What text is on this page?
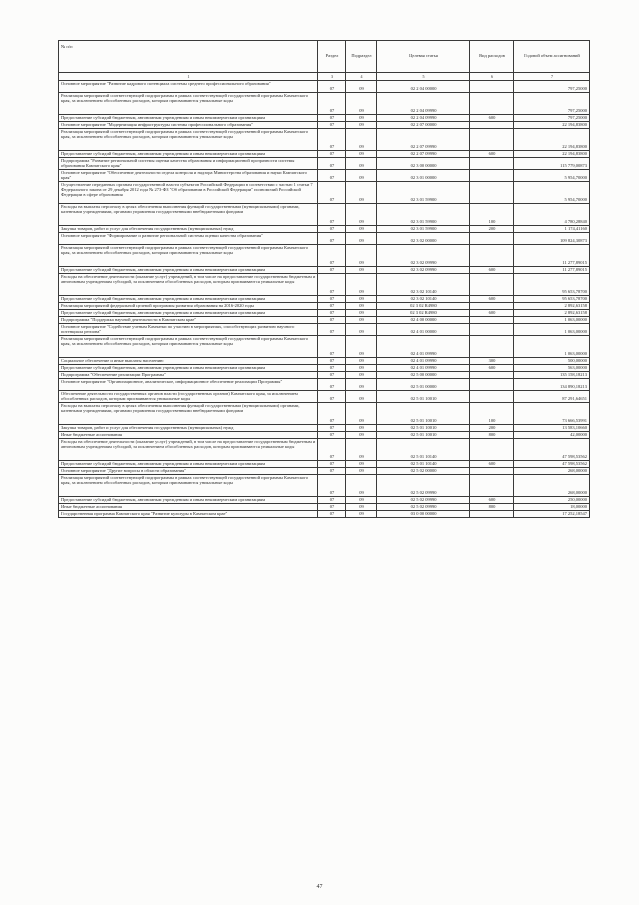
№ п/п	Раздел	Подраздел	Целевая статья	Вид расходов	Годовой объем ассигнований
1	3	4	5	6	7
Основное мероприятие "Развитие кадрового потенциала системы среднего профессионального образования"	07	09	02 2 04 00000		797,25000
Реализация мероприятий соответствующей подпрограммы в рамках соответствующей государственной программы Камчатского края, за исключением обособленных расходов, которым присваиваются уникальные коды	07	09	02 2 04 09990		797,25000
Предоставление субсидий бюджетным, автономным учреждениям и иным некоммерческим организациям	07	09	02 2 04 09990	600	797,25000
Основное мероприятие "Модернизация инфраструктуры системы профессионального образования"	07	09	02 2 07 00000		22 194,83800
Реализация мероприятий соответствующей подпрограммы в рамках соответствующей государственной программы Камчатского края, за исключением обособленных расходов, которым присваиваются уникальные коды	07	09	02 2 07 09990		22 194,83800
Предоставление субсидий бюджетным, автономным учреждениям и иным некоммерческим организациям	07	09	02 2 07 09990	600	22 194,83800
Подпрограмма "Развитие региональной системы оценки качества образования и информационной прозрачности системы образования Камчатского края"	07	09	02 3 00 00000		115 779,00873
Основное мероприятие "Обеспечение деятельности отдела контроля и надзора Министерства образования и науки Камчатского края"	07	09	02 3 01 00000		5 954,70000
Осуществление переданных органам государственной власти субъектов Российской Федерации в соответствии с частью 1 статьи 7 Федерального закона от 29 декабря 2012 года № 273-ФЗ "Об образовании в Российской Федерации" полномочий Российской Федерации в сфере образования	07	09	02 3 01 59900		5 954,70000
Расходы на выплаты персоналу в целях обеспечения выполнения функций государственными (муниципальными) органами, казенными учреждениями, органами управления государственными внебюджетными фондами	07	09	02 3 01 59900	100	4 780,28840
Закупка товаров, работ и услуг для обеспечения государственных (муниципальных) нужд	07	09	02 3 01 59900	200	1 174,41160
Основное мероприятие "Формирование и развитие региональной системы оценки качества образования"	07	09	02 3 02 00000		109 824,30873
Реализация мероприятий соответствующей подпрограммы в рамках соответствующей государственной программы Камчатского края, за исключением обособленных расходов, которым присваиваются уникальные коды	07	09	02 3 02 09990		11 277,89015
Предоставление субсидий бюджетным, автономным учреждениям и иным некоммерческим организациям	07	09	02 3 02 09990	600	11 277,89015
Расходы на обеспечение деятельности (оказание услуг) учреждений, в том числе на предоставление государственным бюджетным и автономным учреждениям субсидий, за исключением обособленных расходов, которым присваиваются уникальные коды	07	09	02 3 02 10140		95 653,78700
Предоставление субсидий бюджетным, автономным учреждениям и иным некоммерческим организациям	07	09	02 3 02 10140	600	95 653,78700
Реализация мероприятий федеральной целевой программы развития образования на 2016-2020 годы	07	09	02 3 02 R4980		2 892,63158
Предоставление субсидий бюджетным, автономным учреждениям и иным некоммерческим организациям	07	09	02 3 02 R4980	600	2 892,63158
Подпрограмма "Поддержка научной деятельности в Камчатском крае"	07	09	02 4 00 00000		1 063,00000
Основное мероприятие "Содействие ученым Камчатки по участию в мероприятиях, способствующих развитию научного потенциала региона"	07	09	02 4 01 00000		1 063,00000
Реализация мероприятий соответствующей подпрограммы в рамках соответствующей государственной программы Камчатского края, за исключением обособленных расходов, которым присваиваются уникальные коды	07	09	02 4 01 09990		1 063,00000
Социальное обеспечение и иные выплаты населению	07	09	02 4 01 09990	300	500,00000
Предоставление субсидий бюджетным, автономным учреждениям и иным некоммерческим организациям	07	09	02 4 01 09990	600	563,00000
Подпрограмма "Обеспечение реализации Программы"	07	09	02 5 00 00000		135 158,18213
Основное мероприятие "Организационное, аналитическое, информационное обеспечение реализации Программы"	07	09	02 5 01 00000		134 890,18213
Обеспечение деятельности государственных органов власти (государственных органов) Камчатского края, за исключением обособленных расходов, которым присваиваются уникальные коды	07	09	02 5 01 10010		87 291,64651
Расходы на выплаты персоналу в целях обеспечения выполнения функций государственными (муниципальными) органами, казенными учреждениями, органами управления государственными внебюджетными фондами	07	09	02 5 01 10010	100	73 666,53991
Закупка товаров, работ и услуг для обеспечения государственных (муниципальных) нужд	07	09	02 5 01 10010	200	13 583,10660
Иные бюджетные ассигнования	07	09	02 5 01 10010	800	42,00000
Расходы на обеспечение деятельности (оказание услуг) учреждений, в том числе на предоставление государственным бюджетным и автономным учреждениям субсидий, за исключением обособленных расходов, которым присваиваются уникальные коды	07	09	02 5 01 10140		47 598,53562
Предоставление субсидий бюджетным, автономным учреждениям и иным некоммерческим организациям	07	09	02 5 01 10140	600	47 598,53562
Основное мероприятие "Другие вопросы в области образования"	07	09	02 5 02 00000		268,00000
Реализация мероприятий соответствующей подпрограммы в рамках соответствующей государственной программы Камчатского края, за исключением обособленных расходов, которым присваиваются уникальные коды	07	09	02 5 02 09990		268,00000
Предоставление субсидий бюджетным, автономным учреждениям и иным некоммерческим организациям	07	09	02 5 02 09990	600	250,00000
Иные бюджетные ассигнования	07	09	02 5 02 09990	800	18,00000
Государственная программа Камчатского края "Развитие культуры в Камчатском крае"	07	09	03 0 00 00000		17 252,18547
47
